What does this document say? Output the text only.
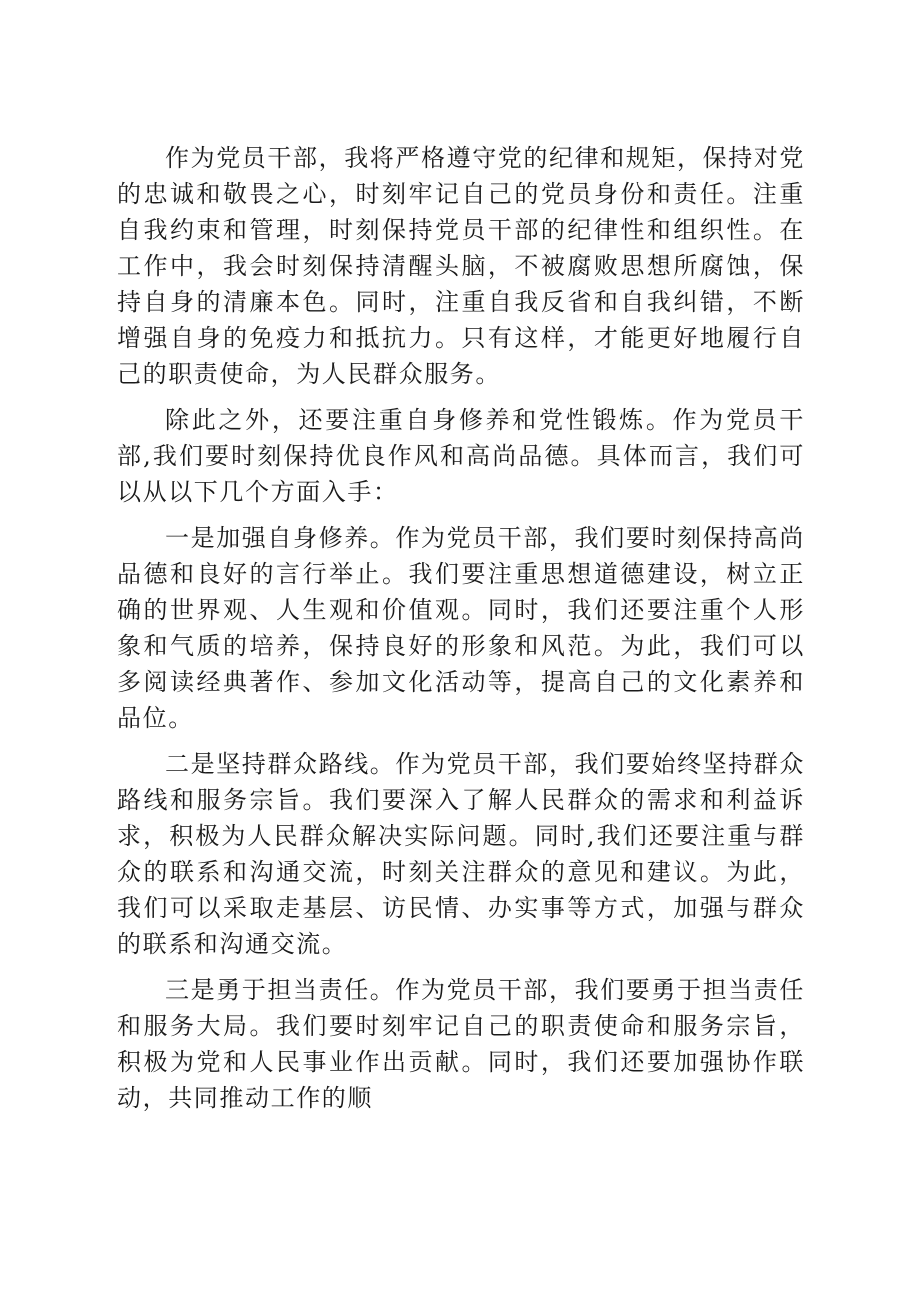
作为党员干部，我将严格遵守党的纪律和规矩，保持对党的忠诚和敬畏之心，时刻牢记自己的党员身份和责任。注重自我约束和管理，时刻保持党员干部的纪律性和组织性。在工作中，我会时刻保持清醒头脑，不被腐败思想所腐蚀，保持自身的清廉本色。同时，注重自我反省和自我纠错，不断增强自身的免疫力和抵抗力。只有这样，才能更好地履行自己的职责使命，为人民群众服务。

除此之外，还要注重自身修养和党性锻炼。作为党员干部,我们要时刻保持优良作风和高尚品德。具体而言，我们可以从以下几个方面入手：

一是加强自身修养。作为党员干部，我们要时刻保持高尚品德和良好的言行举止。我们要注重思想道德建设，树立正确的世界观、人生观和价值观。同时，我们还要注重个人形象和气质的培养，保持良好的形象和风范。为此，我们可以多阅读经典著作、参加文化活动等，提高自己的文化素养和品位。

二是坚持群众路线。作为党员干部，我们要始终坚持群众路线和服务宗旨。我们要深入了解人民群众的需求和利益诉求，积极为人民群众解决实际问题。同时,我们还要注重与群众的联系和沟通交流，时刻关注群众的意见和建议。为此，我们可以采取走基层、访民情、办实事等方式，加强与群众的联系和沟通交流。

三是勇于担当责任。作为党员干部，我们要勇于担当责任和服务大局。我们要时刻牢记自己的职责使命和服务宗旨，积极为党和人民事业作出贡献。同时，我们还要加强协作联动，共同推动工作的顺
